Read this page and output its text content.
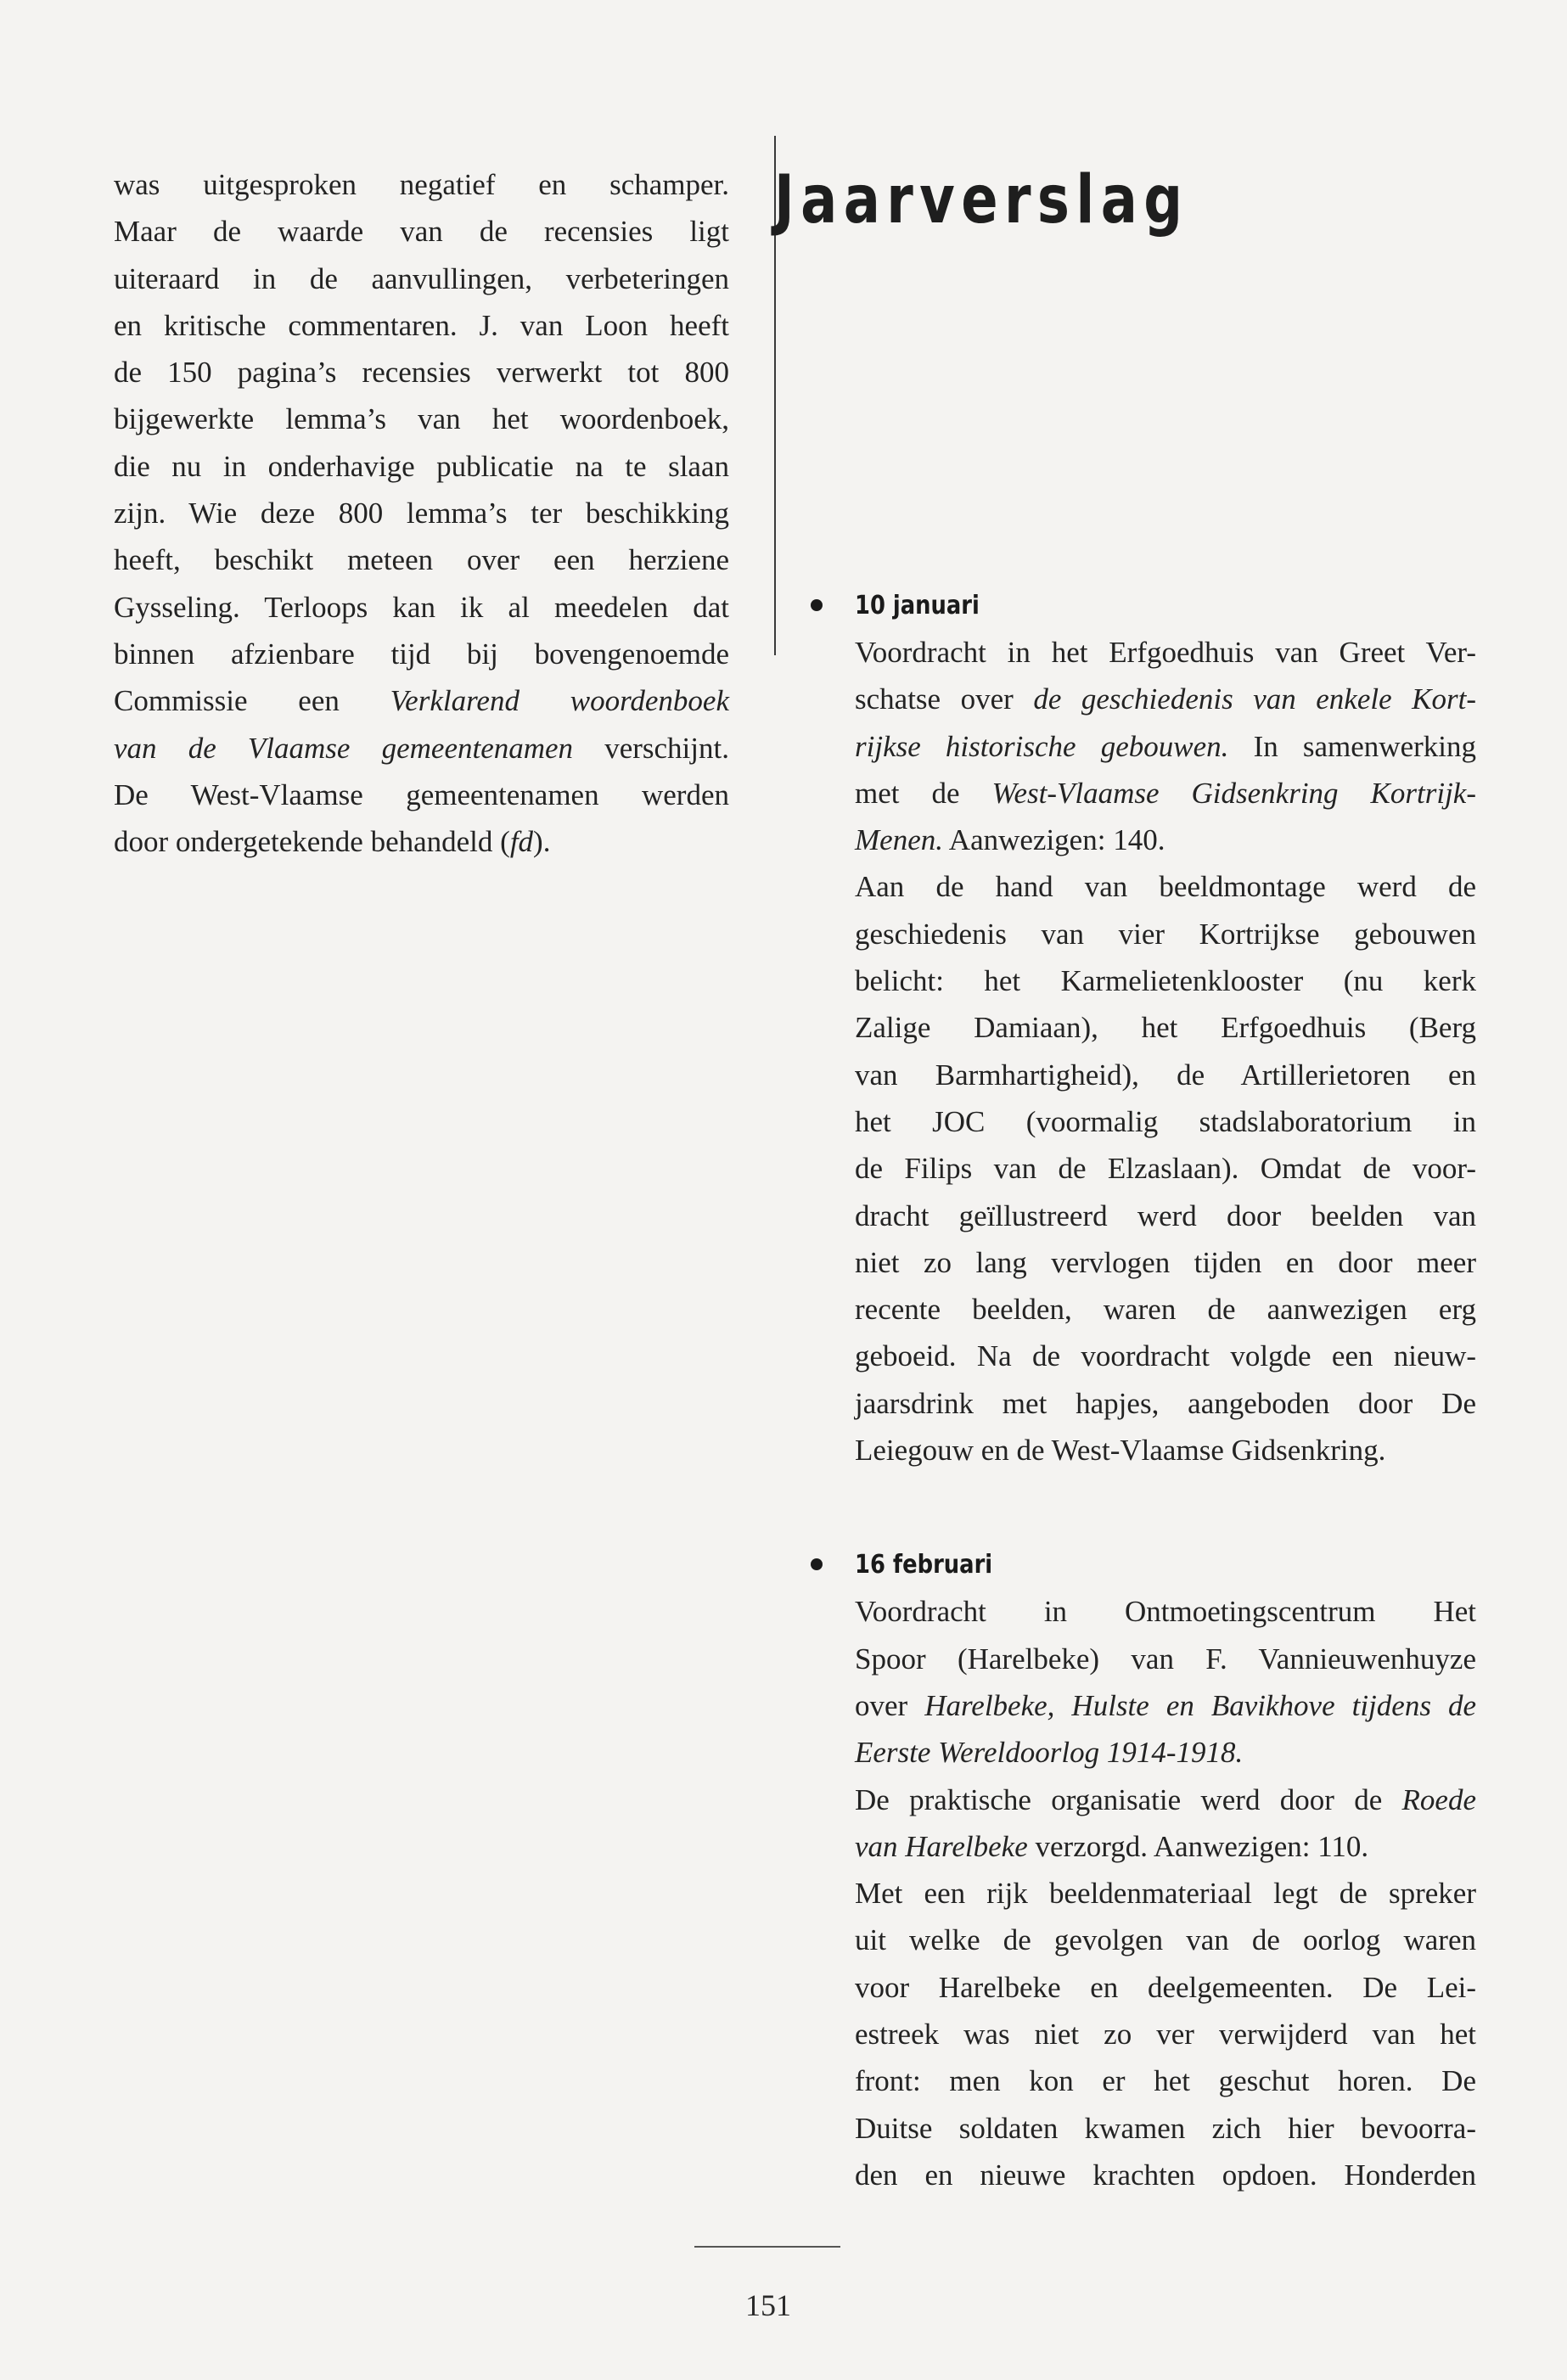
was uitgesproken negatief en schamper.
Maar de waarde van de recensies ligt
uiteraard in de aanvullingen, verbeteringen
en kritische commentaren. J. van Loon heeft
de 150 pagina’s recensies verwerkt tot 800
bijgewerkte lemma’s van het woordenboek,
die nu in onderhavige publicatie na te slaan
zijn. Wie deze 800 lemma’s ter beschikking
heeft, beschikt meteen over een herziene
Gysseling. Terloops kan ik al meedelen dat
binnen afzienbare tijd bij bovengenoemde
Commissie een Verklarend woordenboek
van de Vlaamse gemeentenamen verschijnt.
De West-Vlaamse gemeentenamen werden
door ondergetekende behandeld (fd).
Jaarverslag
10 januari
Voordracht in het Erfgoedhuis van Greet Ver-
schatse over de geschiedenis van enkele Kort-
rijkse historische gebouwen. In samenwerking
met de West-Vlaamse Gidsenkring Kortrijk-
Menen. Aanwezigen: 140.
Aan de hand van beeldmontage werd de
geschiedenis van vier Kortrijkse gebouwen
belicht: het Karmelietenklooster (nu kerk
Zalige Damiaan), het Erfgoedhuis (Berg
van Barmhartigheid), de Artillerietoren en
het JOC (voormalig stadslaboratorium in
de Filips van de Elzaslaan). Omdat de voor-
dracht geïllustreerd werd door beelden van
niet zo lang vervlogen tijden en door meer
recente beelden, waren de aanwezigen erg
geboeid. Na de voordracht volgde een nieuw-
jaarsdrink met hapjes, aangeboden door De
Leiegouw en de West-Vlaamse Gidsenkring.
16 februari
Voordracht in Ontmoetingscentrum Het
Spoor (Harelbeke) van F. Vannieuwenhuyze
over Harelbeke, Hulste en Bavikhove tijdens de
Eerste Wereldoorlog 1914-1918.
De praktische organisatie werd door de Roede
van Harelbeke verzorgd. Aanwezigen: 110.
Met een rijk beeldenmateriaal legt de spreker
uit welke de gevolgen van de oorlog waren
voor Harelbeke en deelgemeenten. De Lei-
estreek was niet zo ver verwijderd van het
front: men kon er het geschut horen. De
Duitse soldaten kwamen zich hier bevoorra-
den en nieuwe krachten opdoen. Honderden
151
